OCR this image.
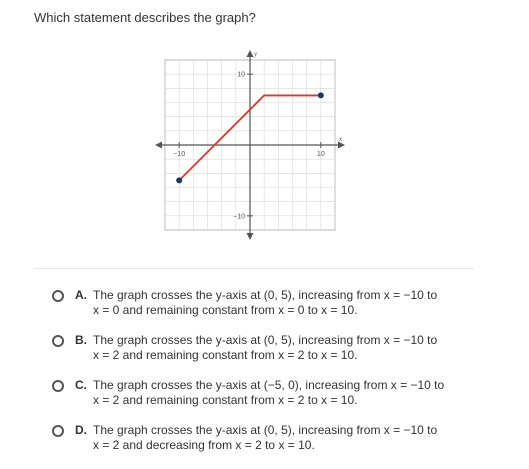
Which statement describes the graph?
−10	10
10
−10
x
y
A. The graph crosses the y-axis at (0, 5), increasing from x = −10 to
x = 0 and remaining constant from x = 0 to x = 10.
B. The graph crosses the y-axis at (0, 5), increasing from x = −10 to
x = 2 and remaining constant from x = 2 to x = 10.
C. The graph crosses the y-axis at (−5, 0), increasing from x = −10 to
x = 2 and remaining constant from x = 2 to x = 10.
D. The graph crosses the y-axis at (0, 5), increasing from x = −10 to
x = 2 and decreasing from x = 2 to x = 10.
